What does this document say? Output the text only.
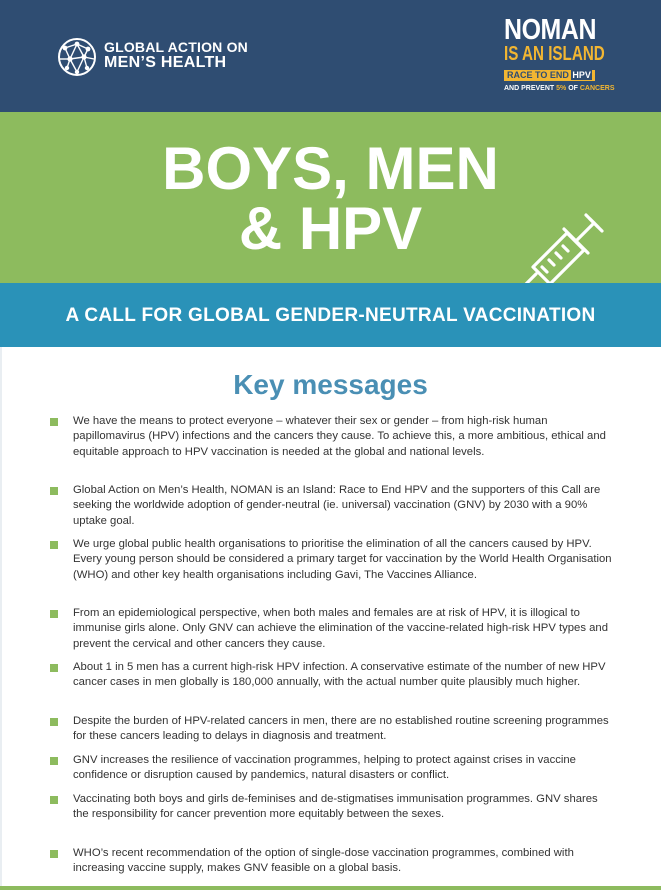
GLOBAL ACTION ON
MEN’S HEALTH
NOMAN
IS AN ISLAND
RACE TO END HPV
AND PREVENT 5% OF CANCERS
BOYS, MEN
& HPV
A CALL FOR GLOBAL GENDER-NEUTRAL VACCINATION
Key messages
We have the means to protect everyone – whatever their sex or gender – from high-risk human papillomavirus (HPV) infections and the cancers they cause. To achieve this, a more ambitious, ethical and equitable approach to HPV vaccination is needed at the global and national levels.
Global Action on Men’s Health, NOMAN is an Island: Race to End HPV and the supporters of this Call are seeking the worldwide adoption of gender-neutral (ie. universal) vaccination (GNV) by 2030 with a 90% uptake goal.
We urge global public health organisations to prioritise the elimination of all the cancers caused by HPV. Every young person should be considered a primary target for vaccination by the World Health Organisation (WHO) and other key health organisations including Gavi, The Vaccines Alliance.
From an epidemiological perspective, when both males and females are at risk of HPV, it is illogical to immunise girls alone. Only GNV can achieve the elimination of the vaccine-related high-risk HPV types and prevent the cervical and other cancers they cause.
About 1 in 5 men has a current high-risk HPV infection. A conservative estimate of the number of new HPV cancer cases in men globally is 180,000 annually, with the actual number quite plausibly much higher.
Despite the burden of HPV-related cancers in men, there are no established routine screening programmes for these cancers leading to delays in diagnosis and treatment.
GNV increases the resilience of vaccination programmes, helping to protect against crises in vaccine confidence or disruption caused by pandemics, natural disasters or conflict.
Vaccinating both boys and girls de-feminises and de-stigmatises immunisation programmes. GNV shares the responsibility for cancer prevention more equitably between the sexes.
WHO’s recent recommendation of the option of single-dose vaccination programmes, combined with increasing vaccine supply, makes GNV feasible on a global basis.
